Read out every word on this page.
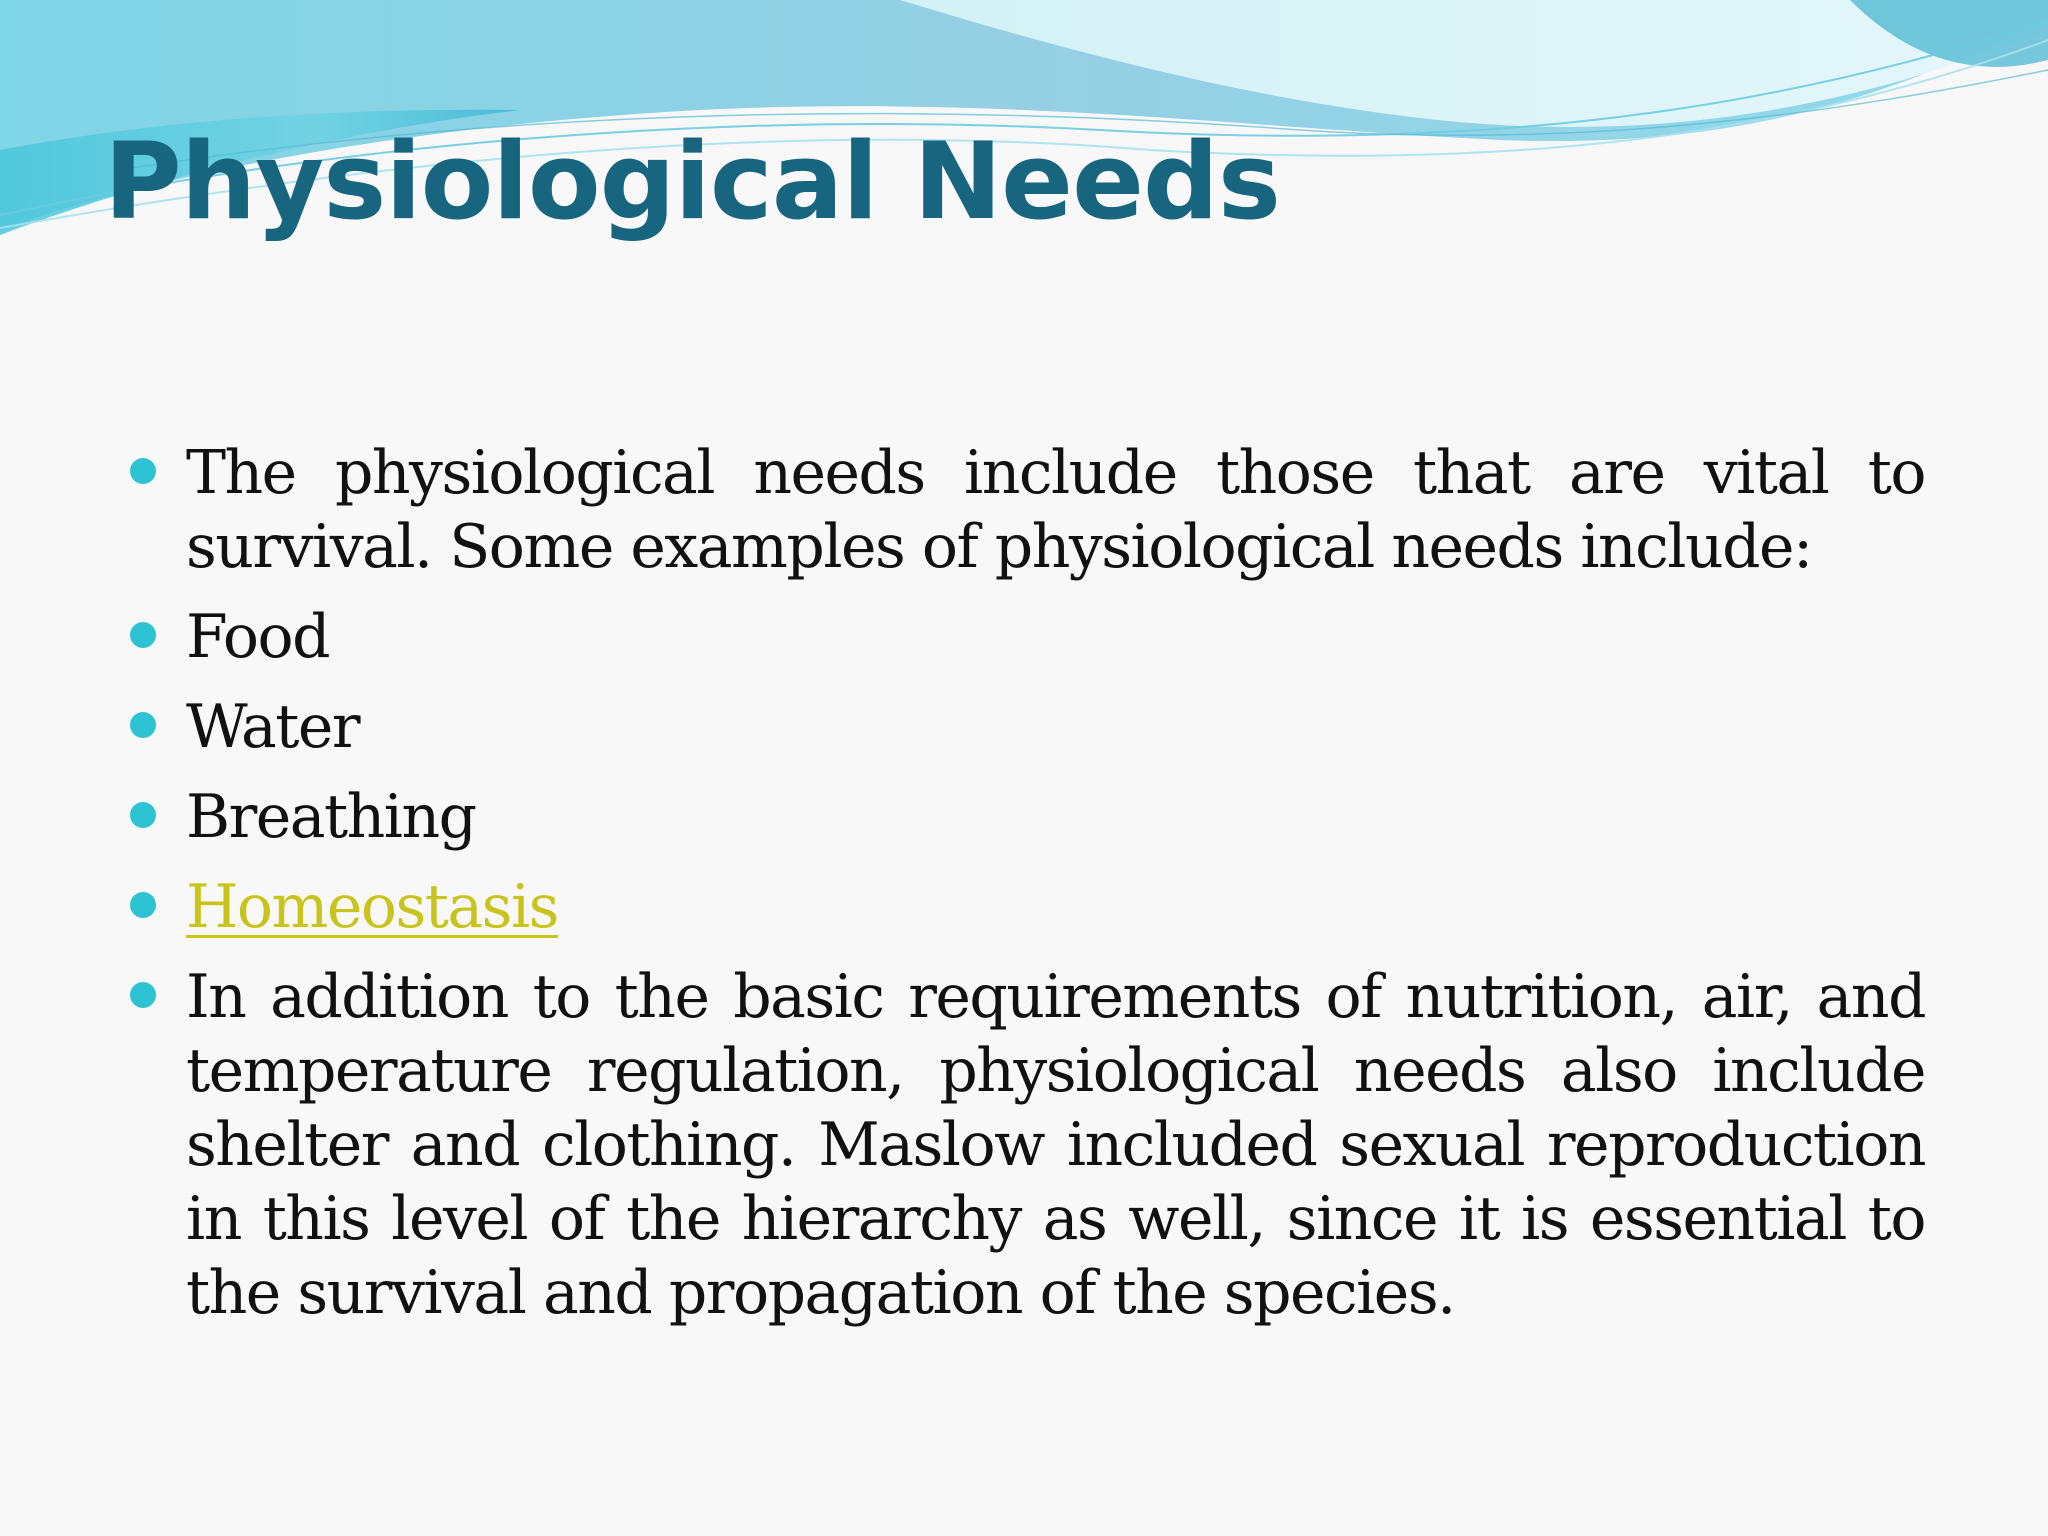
Physiological Needs
The physiological needs include those that are vital to survival. Some examples of physiological needs include:
Food
Water
Breathing
Homeostasis
In addition to the basic requirements of nutrition, air, and temperature regulation, physiological needs also include shelter and clothing. Maslow included sexual reproduction in this level of the hierarchy as well, since it is essential to the survival and propagation of the species.
